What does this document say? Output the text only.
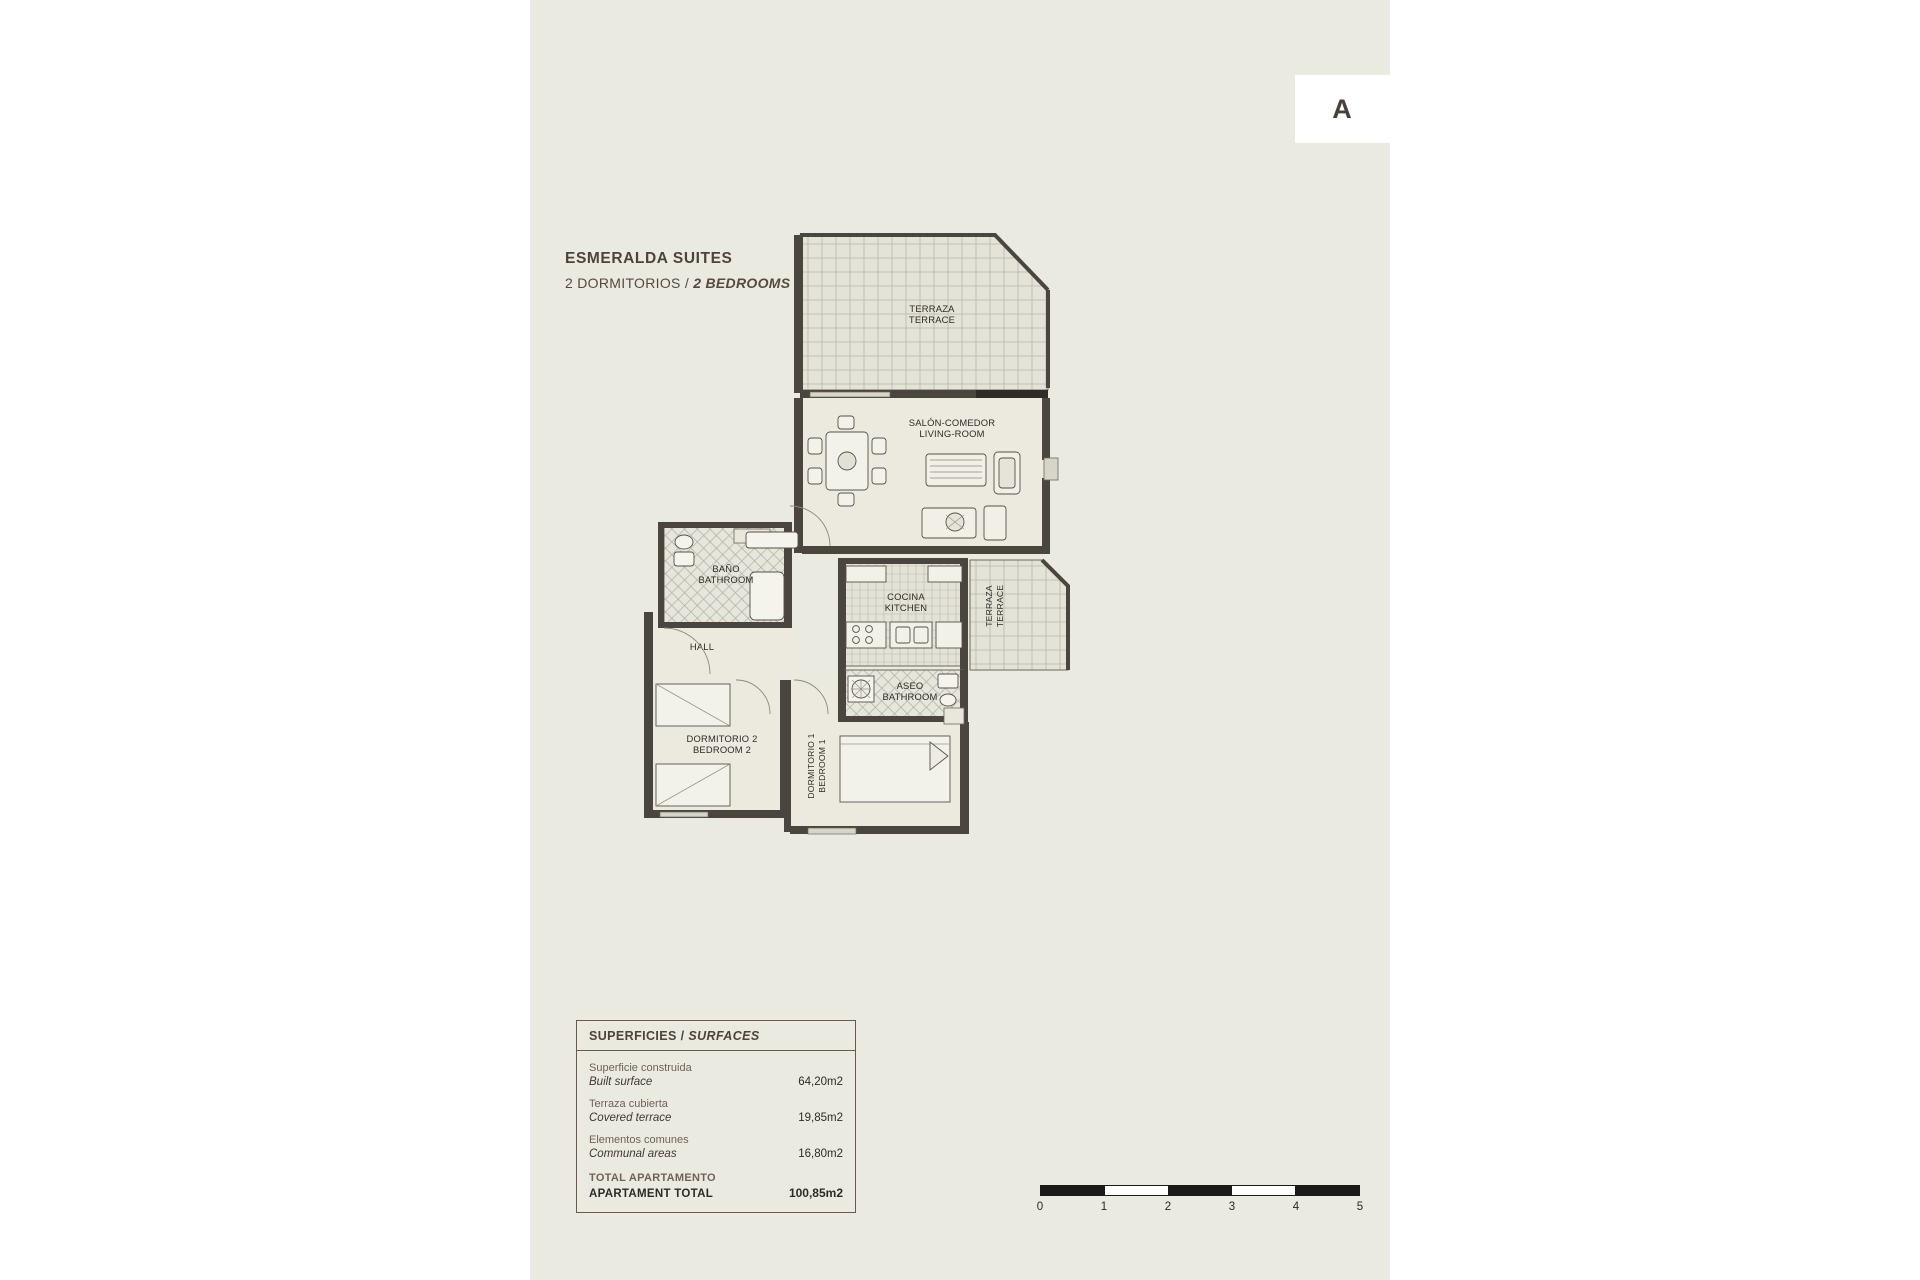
A
ESMERALDA SUITES
2 DORMITORIOS / 2 BEDROOMS
TERRAZA
TERRACE
SALÓN-COMEDOR
LIVING-ROOM
BAÑO
BATHROOM
HALL
COCINA
KITCHEN	TERRAZA TERRACE
ASEO
BATHROOM
DORMITORIO 2
BEDROOM 2	DORMITORIO 1 BEDROOM 1
SUPERFICIES / SURFACES
Superficie construida
Built surface	64,20m2
Terraza cubierta
Covered terrace	19,85m2
Elementos comunes
Communal areas	16,80m2
TOTAL APARTAMENTO
APARTAMENT TOTAL	100,85m2
0	1	2	3	4	5
